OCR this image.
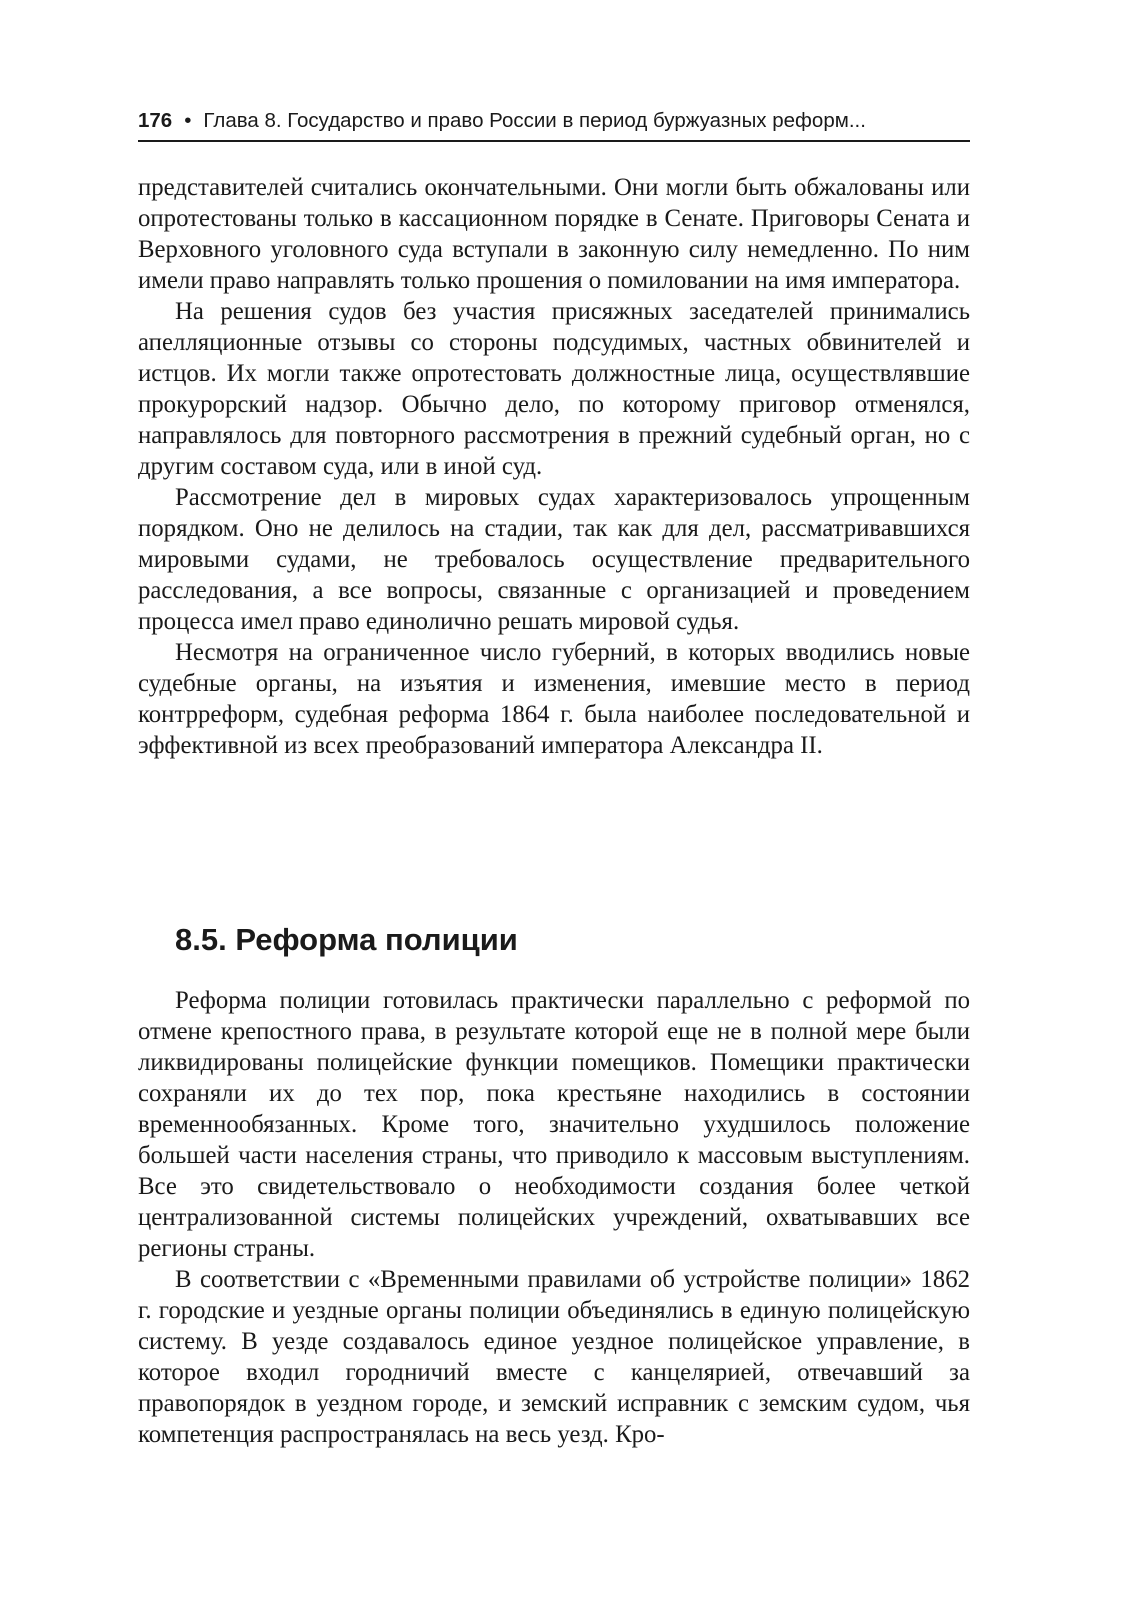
176 • Глава 8. Государство и право России в период буржуазных реформ...

представителей считались окончательными. Они могли быть обжалованы или опротестованы только в кассационном порядке в Сенате. Приговоры Сената и Верховного уголовного суда вступали в законную силу немедленно. По ним имели право направлять только прошения о помиловании на имя императора.

На решения судов без участия присяжных заседателей принимались апелляционные отзывы со стороны подсудимых, частных обвинителей и истцов. Их могли также опротестовать должностные лица, осуществлявшие прокурорский надзор. Обычно дело, по которому приговор отменялся, направлялось для повторного рассмотрения в прежний судебный орган, но с другим составом суда, или в иной суд.

Рассмотрение дел в мировых судах характеризовалось упрощенным порядком. Оно не делилось на стадии, так как для дел, рассматривавшихся мировыми судами, не требовалось осуществление предварительного расследования, а все вопросы, связанные с организацией и проведением процесса имел право единолично решать мировой судья.

Несмотря на ограниченное число губерний, в которых вводились новые судебные органы, на изъятия и изменения, имевшие место в период контрреформ, судебная реформа 1864 г. была наиболее последовательной и эффективной из всех преобразований императора Александра II.

8.5. Реформа полиции

Реформа полиции готовилась практически параллельно с реформой по отмене крепостного права, в результате которой еще не в полной мере были ликвидированы полицейские функции помещиков. Помещики практически сохраняли их до тех пор, пока крестьяне находились в состоянии временнообязанных. Кроме того, значительно ухудшилось положение большей части населения страны, что приводило к массовым выступлениям. Все это свидетельствовало о необходимости создания более четкой централизованной системы полицейских учреждений, охватывавших все регионы страны.

В соответствии с «Временными правилами об устройстве полиции» 1862 г. городские и уездные органы полиции объединялись в единую полицейскую систему. В уезде создавалось единое уездное полицейское управление, в которое входил городничий вместе с канцелярией, отвечавший за правопорядок в уездном городе, и земский исправник с земским судом, чья компетенция распространялась на весь уезд. Кро-
